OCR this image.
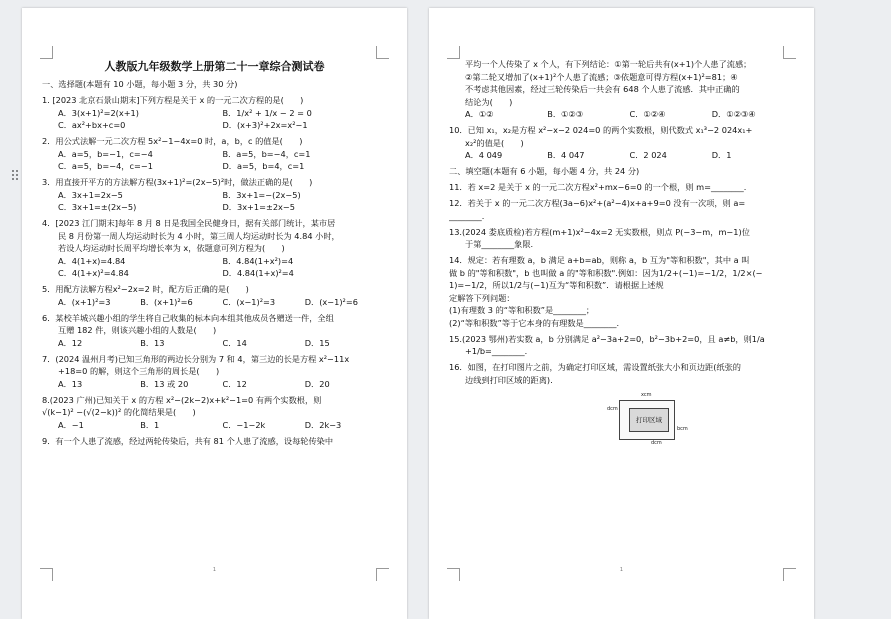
人教版九年级数学上册第二十一章综合测试卷
一、选择题(本题有 10 小题，每小题 3 分，共 30 分)
1. [2023 北京石景山期末]下列方程是关于 x 的一元二次方程的是(　　)
A．3(x+1)²=2(x+1)	B．1/x² + 1/x − 2 = 0
C．ax²+bx+c=0	D．(x+3)²+2x=x²−1
2．用公式法解一元二次方程 5x²−1−4x=0 时，a，b，c 的值是(　　)
A．a=5，b=−1，c=−4	B．a=5，b=−4，c=1
C．a=5，b=−4，c=−1	D．a=5，b=4，c=1
3．用直接开平方的方法解方程(3x+1)²=(2x−5)²时，做法正确的是(　　)
A．3x+1=2x−5	B．3x+1=−(2x−5)
C．3x+1=±(2x−5)	D．3x+1=±2x−5
4．[2023 江门期末]每年 8 月 8 日是我国全民健身日，据有关部门统计，某市居
民 8 月份第一周人均运动时长为 4 小时，第三周人均运动时长为 4.84 小时，
若设人均运动时长周平均增长率为 x，依题意可列方程为(　　)
A．4(1+x)=4.84	B．4.84(1+x²)=4
C．4(1+x)²=4.84	D．4.84(1+x)²=4
5．用配方法解方程x²−2x=2 时，配方后正确的是(　　)
A．(x+1)²=3	B．(x+1)²=6	C．(x−1)²=3	D．(x−1)²=6
6．某校羊城兴趣小组的学生将自己收集的标本向本组其他成员各赠送一件，全组
互赠 182 件，则该兴趣小组的人数是(　　)
A．12	B．13	C．14	D．15
7．(2024 温州月考)已知三角形的两边长分别为 7 和 4，第三边的长是方程 x²−11x
+18=0 的解，则这个三角形的周长是(　　)
A．13	B．13 或 20	C．12	D．20
8.(2023 广州)已知关于 x 的方程 x²−(2k−2)x+k²−1=0 有两个实数根，则
√(k−1)² −(√(2−k))² 的化简结果是(　　)
A．−1	B．1	C．−1−2k	D．2k−3
9．有一个人患了流感，经过两轮传染后，共有 81 个人患了流感，设每轮传染中
1
平均一个人传染了 x 个人，有下列结论：①第一轮后共有(x+1)个人患了流感；
②第二轮又增加了(x+1)²个人患了流感；③依题意可得方程(x+1)²=81；④
不考虑其他因素，经过三轮传染后一共会有 648 个人患了流感．其中正确的
结论为(　　)
A．①②	B．①②③	C．①②④	D．①②③④
10．已知 x₁，x₂是方程 x²−x−2 024=0 的两个实数根，则代数式 x₁³−2 024x₁+
x₂²的值是(　　)
A．4 049	B．4 047	C．2 024	D．1
二、填空题(本题有 6 小题，每小题 4 分，共 24 分)
11．若 x=2 是关于 x 的一元二次方程x²+mx−6=0 的一个根，则 m=________.
12．若关于 x 的一元二次方程(3a−6)x²+(a²−4)x+a+9=0 没有一次项，则 a=
________.
13.(2024 娄底质检)若方程(m+1)x²−4x=2 无实数根，则点 P(−3−m，m−1)位
于第________象限.
14．规定：若有理数 a，b 满足 a+b=ab，则称 a，b 互为"等和积数"，其中 a 叫
做 b 的"等和积数"，b 也叫做 a 的"等和积数".例如：因为1/2+(−1)=−1/2，1/2×(−
1)=−1/2，所以1/2与(−1)互为“等和积数”．请根据上述规
定解答下列问题：
(1)有理数 3 的“等和积数”是________；
(2)“等和积数”等于它本身的有理数是________.
15.(2023 鄂州)若实数 a，b 分别满足 a²−3a+2=0，b²−3b+2=0，且 a≠b，则1/a
+1/b=________.
16．如图，在打印图片之前，为确定打印区域，需设置纸张大小和页边距(纸张的
边线到打印区域的距离).
打印区域
xcm
dcm
bcm
dcm
1
